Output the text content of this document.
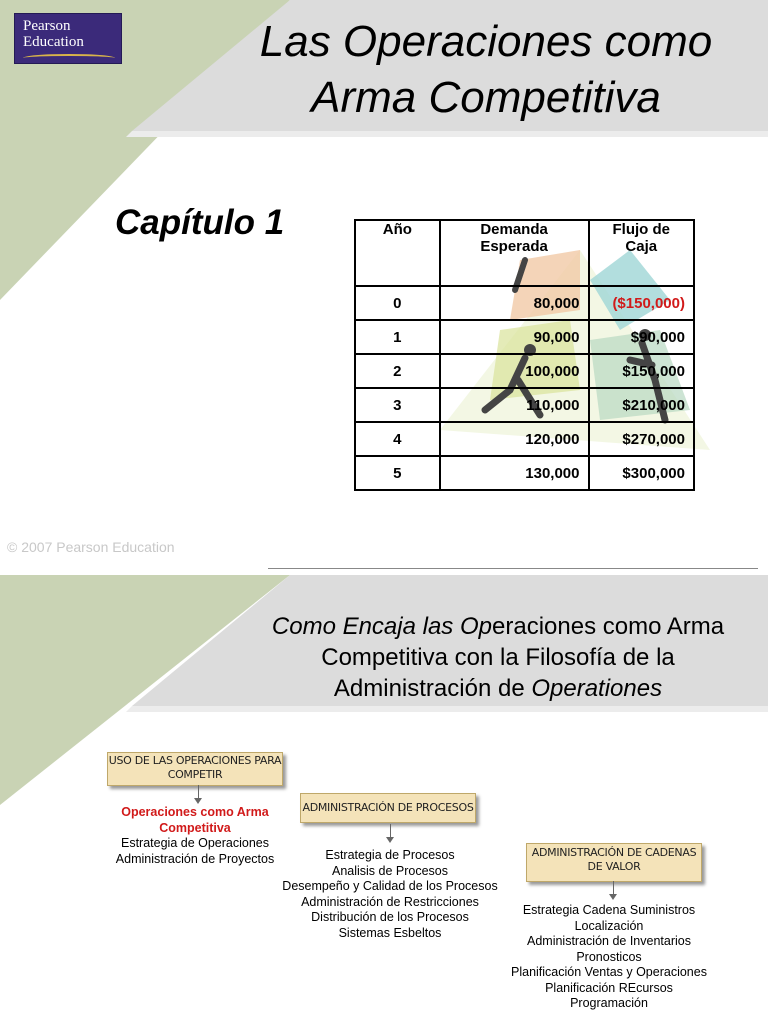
Pearson
Education	Las Operaciones como
Arma Competitiva
Capítulo 1	Año	Demanda Esperada	Flujo de Caja
0	80,000	($150,000)
1	90,000	$90,000
2	100,000	$150,000
3	110,000	$210,000
4	120,000	$270,000
5	130,000	$300,000
© 2007 Pearson Education
Como Encaja las Operaciones como Arma
Competitiva con la Filosofía de la
Administración de Operationes
USO DE LAS OPERACIONES PARA COMPETIR
Operaciones como Arma Competitiva
Estrategia de Operaciones
Administración de Proyectos
ADMINISTRACIÓN DE PROCESOS
Estrategia de Procesos
Analisis de Procesos
Desempeño y Calidad de los Procesos
Administración de Restricciones
Distribución de los Procesos
Sistemas Esbeltos
ADMINISTRACIÓN DE CADENAS DE VALOR
Estrategia Cadena Suministros
Localización
Administración de Inventarios
Pronosticos
Planificación Ventas y Operaciones
Planificación REcursos
Programación
